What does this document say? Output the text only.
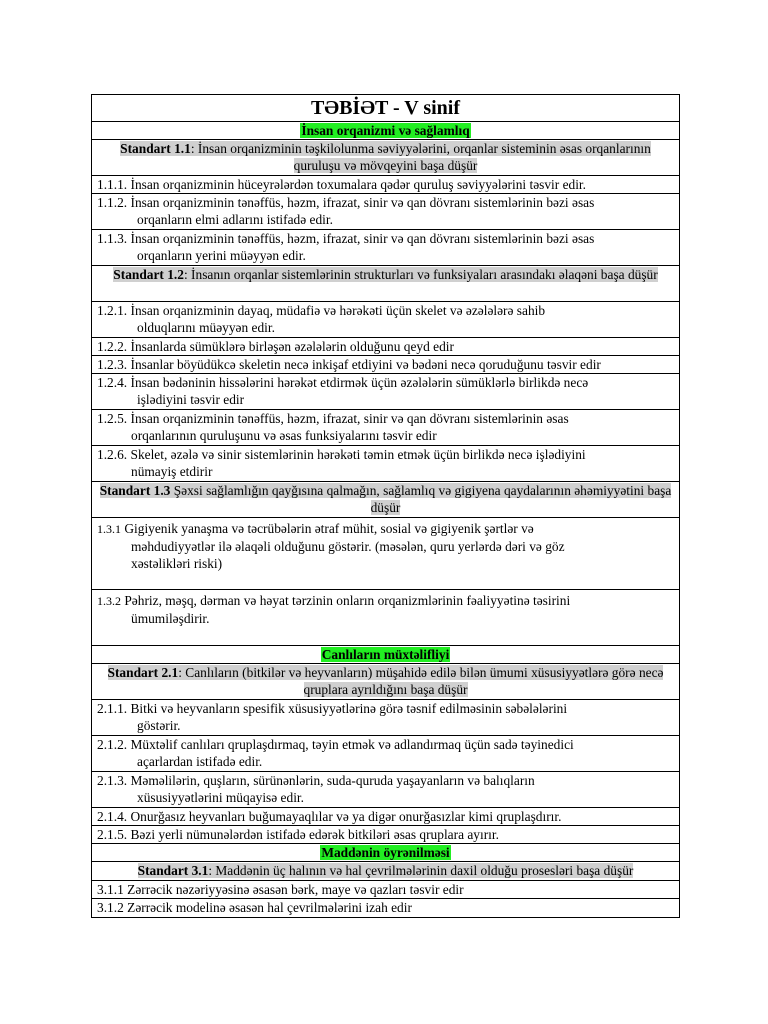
TƏBİƏT - V sinif
İnsan orqanizmi və sağlamlıq
Standart 1.1: İnsan orqanizminin təşkilolunma səviyyələrini, orqanlar sisteminin əsas orqanlarının quruluşu və mövqeyini başa düşür
1.1.1. İnsan orqanizminin hüceyrələrdən toxumalara qədər quruluş səviyyələrini təsvir edir.
1.1.2. İnsan orqanizminin tənəffüs, həzm, ifrazat, sinir və qan dövranı sistemlərinin bəzi əsas
orqanların elmi adlarını istifadə edir.
1.1.3. İnsan orqanizminin tənəffüs, həzm, ifrazat, sinir və qan dövranı sistemlərinin bəzi əsas
orqanların yerini müəyyən edir.
Standart 1.2: İnsanın orqanlar sistemlərinin strukturları və funksiyaları arasındakı əlaqəni başa düşür
1.2.1. İnsan orqanizminin dayaq, müdafiə və hərəkəti üçün skelet və əzələlərə sahib
olduqlarını müəyyən edir.
1.2.2. İnsanlarda sümüklərə birləşən əzələlərin olduğunu qeyd edir
1.2.3. İnsanlar böyüdükcə skeletin necə inkişaf etdiyini və bədəni necə qoruduğunu təsvir edir
1.2.4. İnsan bədəninin hissələrini hərəkət etdirmək üçün əzələlərin sümüklərlə birlikdə necə
işlədiyini təsvir edir
1.2.5. İnsan orqanizminin tənəffüs, həzm, ifrazat, sinir və qan dövranı sistemlərinin əsas
orqanlarının quruluşunu və əsas funksiyalarını təsvir edir
1.2.6. Skelet, əzələ və sinir sistemlərinin hərəkəti təmin etmək üçün birlikdə necə işlədiyini
nümayiş etdirir
Standart 1.3 Şəxsi sağlamlığın qayğısına qalmağın, sağlamlıq və gigiyena qaydalarının əhəmiyyətini başa düşür
1.3.1 Gigiyenik yanaşma və təcrübələrin ətraf mühit, sosial və gigiyenik şərtlər və
məhdudiyyətlər ilə əlaqəli olduğunu göstərir. (məsələn, quru yerlərdə dəri və göz
xəstəlikləri riski)
1.3.2 Pəhriz, məşq, dərman və həyat tərzinin onların orqanizmlərinin fəaliyyətinə təsirini
ümumiləşdirir.
Canlıların müxtəlifliyi
Standart 2.1: Canlıların (bitkilər və heyvanların) müşahidə edilə bilən ümumi xüsusiyyətlərə görə necə qruplara ayrıldığını başa düşür
2.1.1. Bitki və heyvanların spesifik xüsusiyyətlərinə görə təsnif edilməsinin səbələlərini
göstərir.
2.1.2. Müxtəlif canlıları qruplaşdırmaq, təyin etmək və adlandırmaq üçün sadə təyinedici
açarlardan istifadə edir.
2.1.3. Məməlilərin, quşların, sürünənlərin, suda-quruda yaşayanların və balıqların
xüsusiyyətlərini müqayisə edir.
2.1.4. Onurğasız heyvanları buğumayaqlılar və ya digər onurğasızlar kimi qruplaşdırır.
2.1.5. Bəzi yerli nümunələrdən istifadə edərək bitkiləri əsas qruplara ayırır.
Maddənin öyrənilməsi
Standart 3.1: Maddənin üç halının və hal çevrilmələrinin daxil olduğu prosesləri başa düşür
3.1.1 Zərrəcik nəzəriyyəsinə əsasən bərk, maye və qazları təsvir edir
3.1.2 Zərrəcik modelinə əsasən hal çevrilmələrini izah edir
